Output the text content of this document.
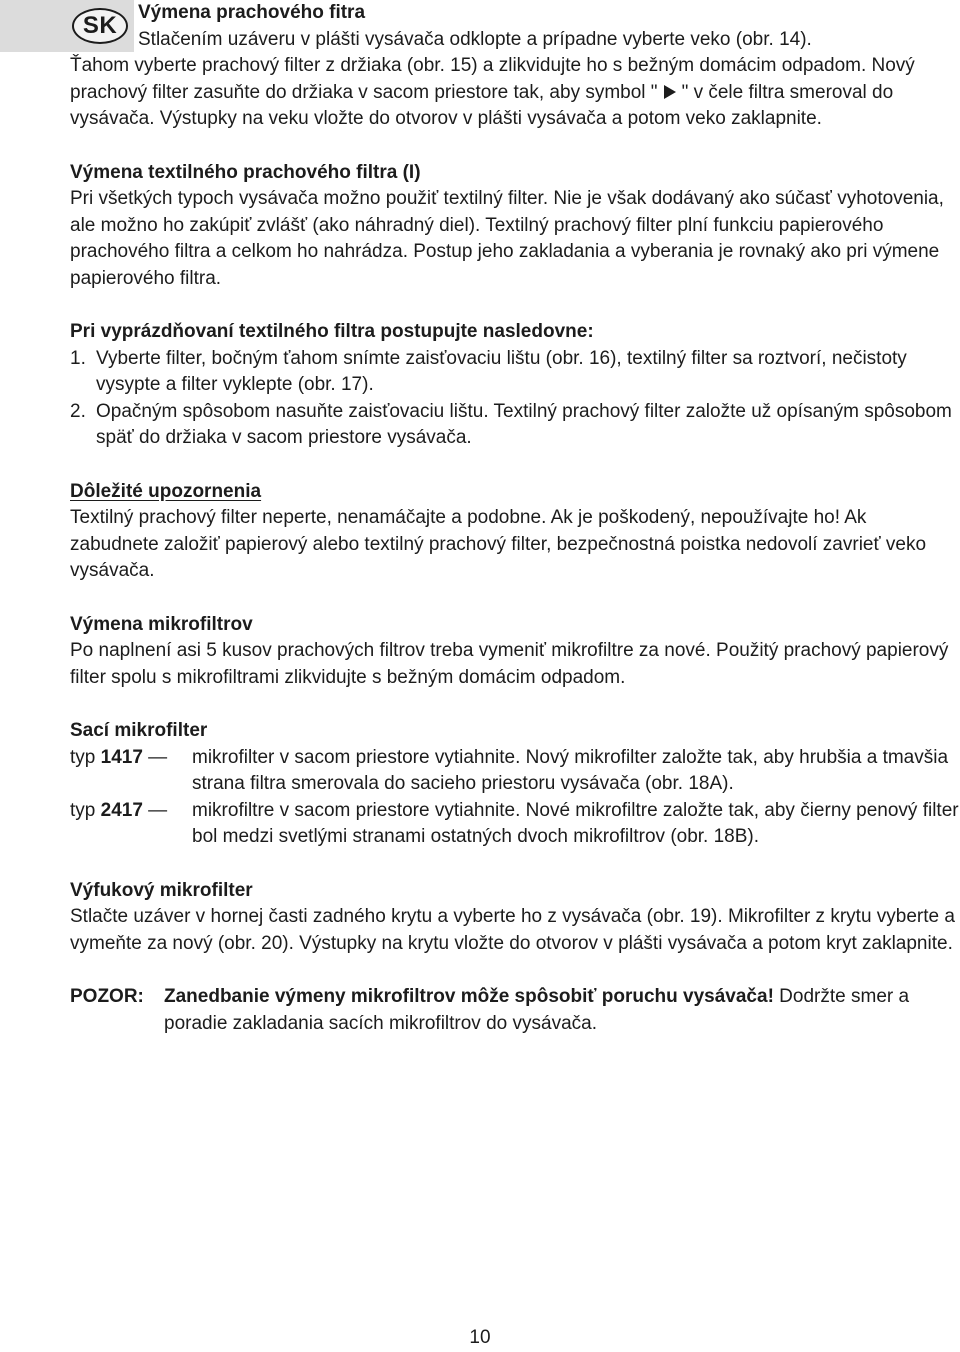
SK	Výmena prachového fitra

Stlačením uzáveru v plášti vysávača odklopte a prípadne vyberte veko (obr. 14).

Ťahom vyberte prachový filter z držiaka (obr. 15) a zlikvidujte ho s bežným domácim odpadom. Nový prachový filter zasuňte do držiaka v sacom priestore tak, aby symbol " " v čele filtra smeroval do vysávača. Výstupky na veku vložte do otvorov v plášti vysávača a potom veko zaklapnite.

Výmena textilného prachového filtra (I)

Pri všetkých typoch vysávača možno použiť textilný filter. Nie je však dodávaný ako súčasť vyhotovenia, ale možno ho zakúpiť zvlášť (ako náhradný diel). Textilný prachový filter plní funkciu papierového prachového filtra a celkom ho nahrádza. Postup jeho zakladania a vyberania je rovnaký ako pri výmene papierového filtra.

Pri vyprázdňovaní textilného filtra postupujte nasledovne:
1. Vyberte filter, bočným ťahom snímte zaisťovaciu lištu (obr. 16), textilný filter sa roztvorí, nečistoty vysypte a filter vyklepte (obr. 17).
2. Opačným spôsobom nasuňte zaisťovaciu lištu. Textilný prachový filter založte už opísaným spôsobom späť do držiaka v sacom priestore vysávača.
Dôležité upozornenia

Textilný prachový filter neperte, nenamáčajte a podobne. Ak je poškodený, nepoužívajte ho! Ak zabudnete založiť papierový alebo textilný prachový filter, bezpečnostná poistka nedovolí zavrieť veko vysávača.

Výmena mikrofiltrov

Po naplnení asi 5 kusov prachových filtrov treba vymeniť mikrofiltre za nové. Použitý prachový papierový filter spolu s mikrofiltrami zlikvidujte s bežným domácim odpadom.

Sací mikrofilter
typ 1417 —	mikrofilter v sacom priestore vytiahnite. Nový mikrofilter založte tak, aby hrubšia a tmavšia strana filtra smerovala do sacieho priestoru vysávača (obr. 18A).
typ 2417 —	mikrofiltre v sacom priestore vytiahnite. Nové mikrofiltre založte tak, aby čierny penový filter bol medzi svetlými stranami ostatných dvoch mikrofiltrov (obr. 18B).
Výfukový mikrofilter

Stlačte uzáver v hornej časti zadného krytu a vyberte ho z vysávača (obr. 19). Mikrofilter z krytu vyberte a vymeňte za nový (obr. 20). Výstupky na krytu vložte do otvorov v plášti vysávača a potom kryt zaklapnite.

POZOR:	Zanedbanie výmeny mikrofiltrov môže spôsobiť poruchu vysávača! Dodržte smer a poradie zakladania sacích mikrofiltrov do vysávača.
10
